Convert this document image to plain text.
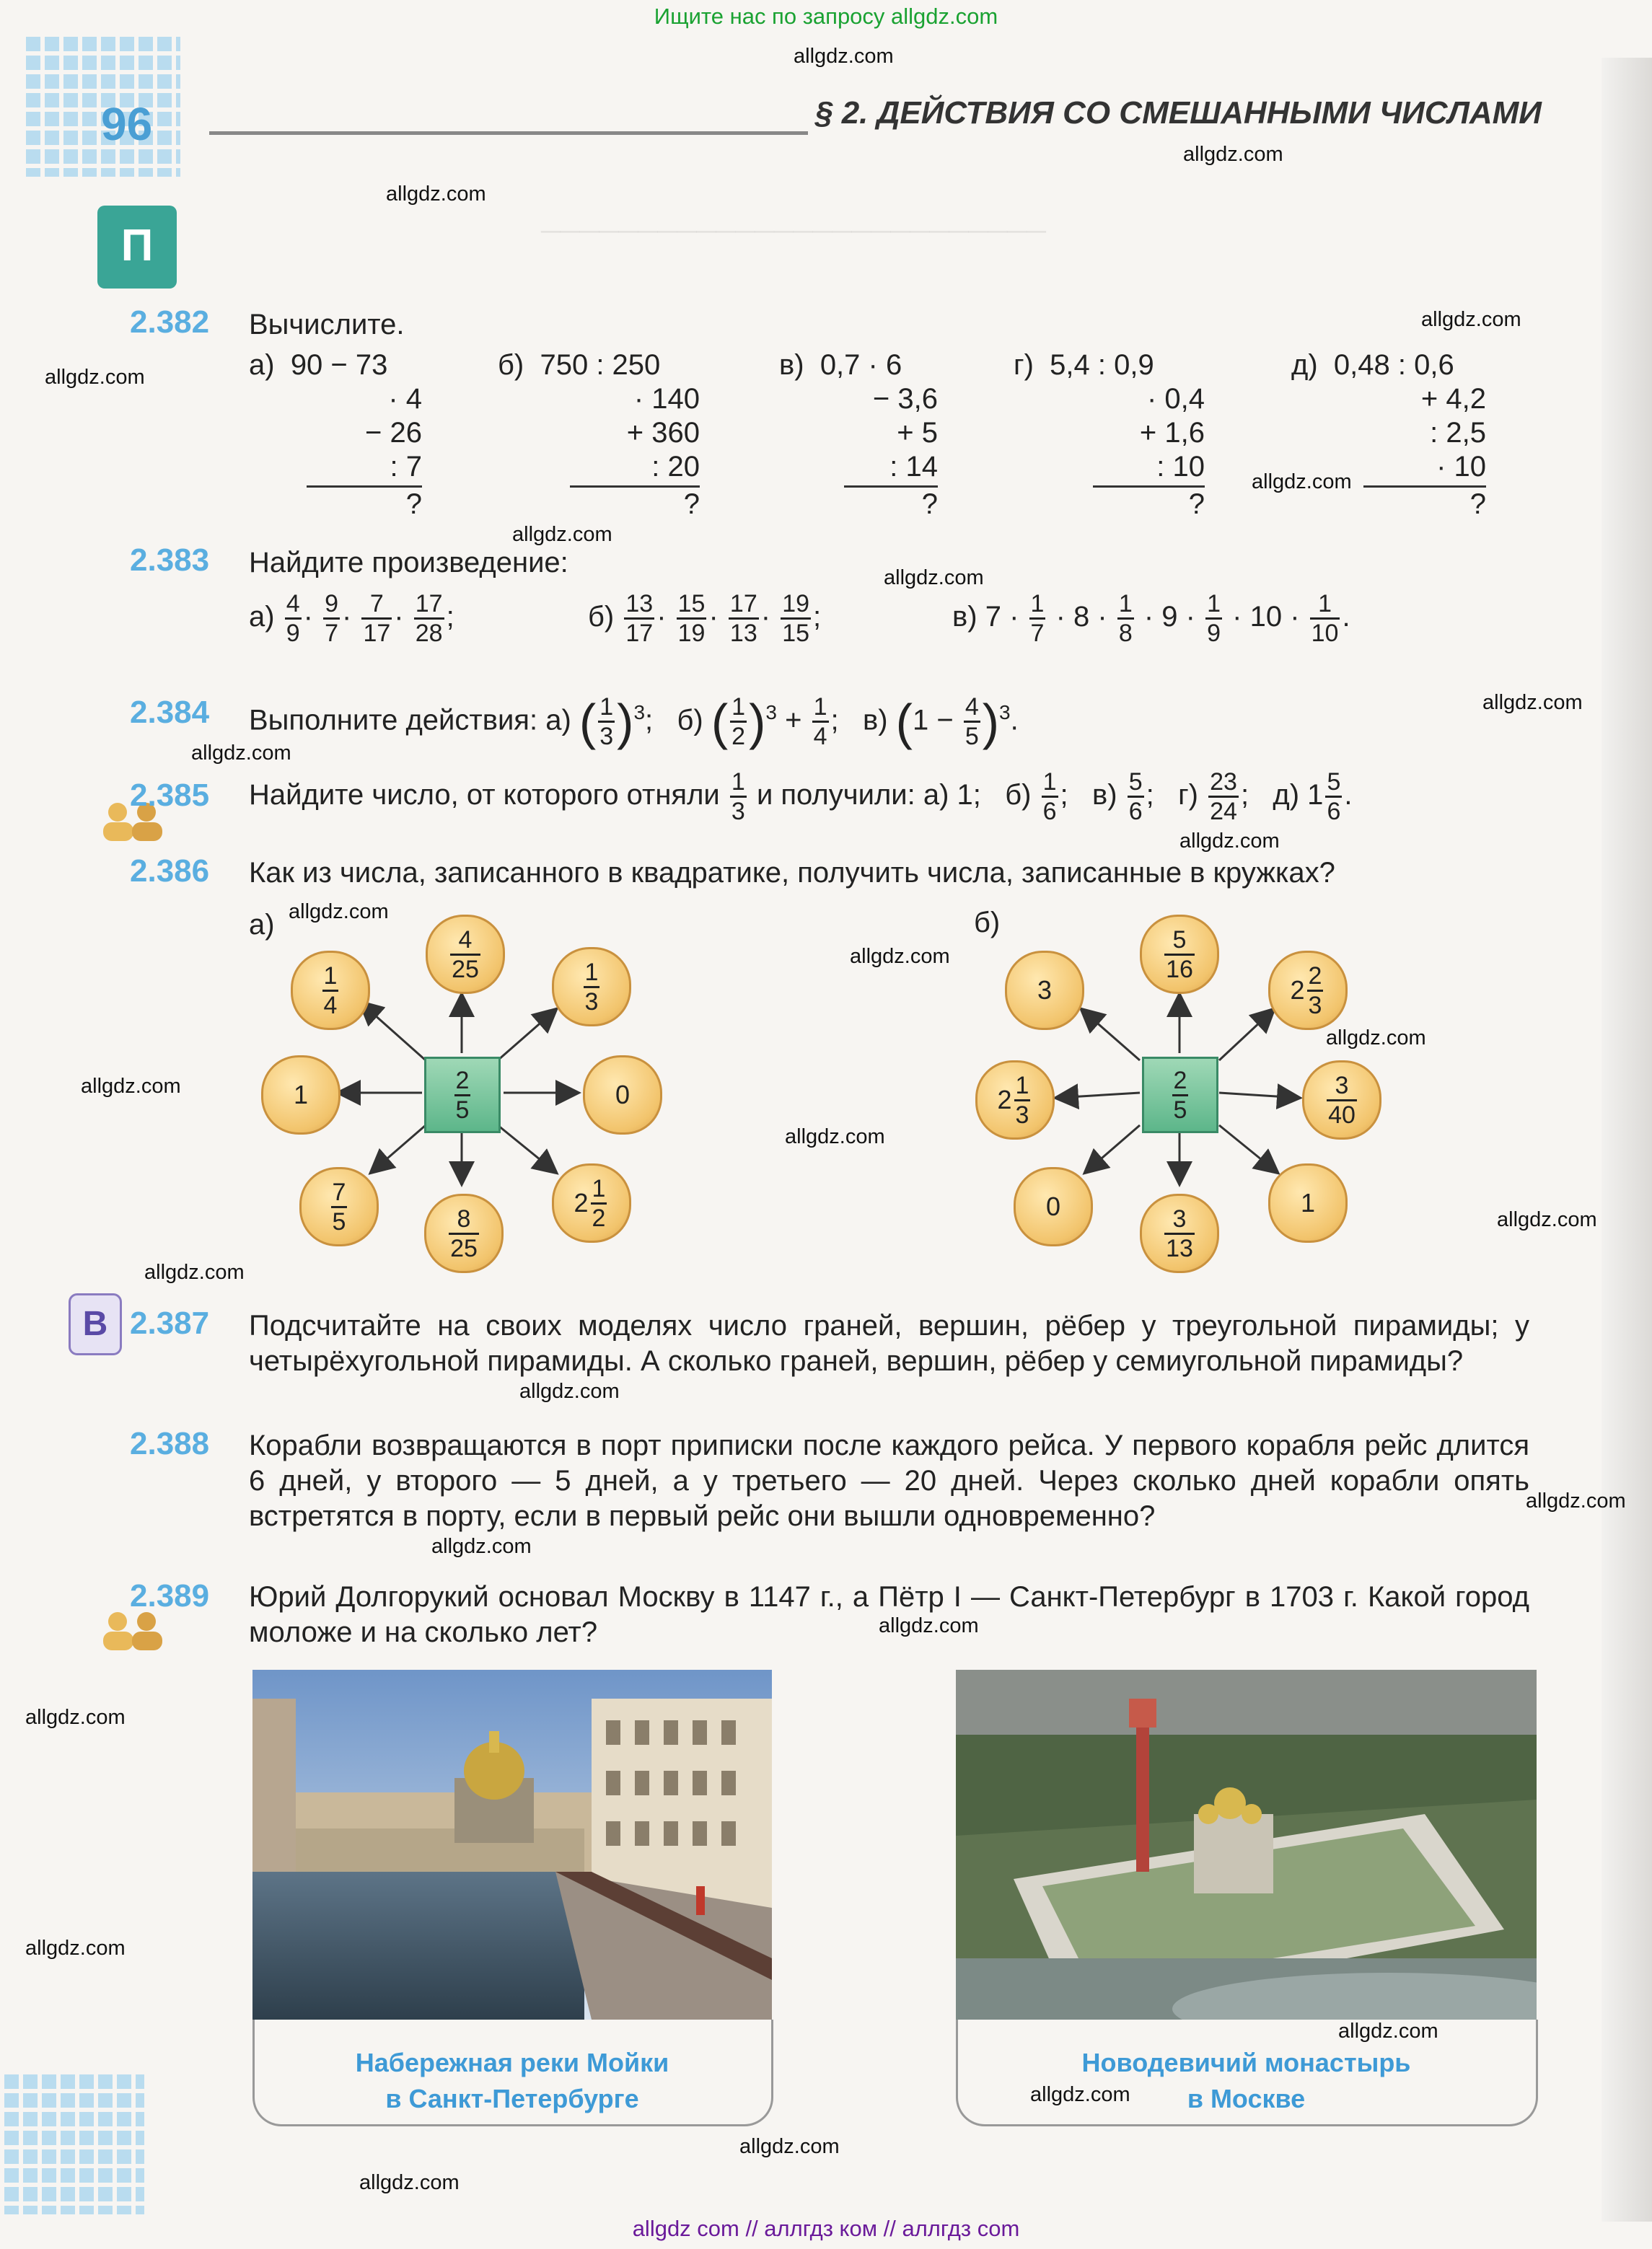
──────────────────────────
Ищите нас по запросу allgdz.com
allgdz com // аллгдз ком // аллгдз com
96	§ 2. ДЕЙСТВИЯ СО СМЕШАННЫМИ ЧИСЛАМИ
П
2.382 Вычислите.
а) 90 − 73
· 4
− 26
: 7
?
б) 750 : 250
· 140
+ 360
: 20
?
в) 0,7 · 6
− 3,6
+ 5
: 14
?
г) 5,4 : 0,9
· 0,4
+ 1,6
: 10
?
д) 0,48 : 0,6
+ 4,2
: 2,5
· 10
?
2.383 Найдите произведение:
$а) \frac{4}{9} \cdot \frac{9}{7} \cdot \frac{7}{17} \cdot \frac{17}{28}$ ;	$б) \frac{13}{17} \cdot \frac{15}{19} \cdot \frac{17}{13} \cdot \frac{19}{15}$ ;	в) $7 \cdot \frac{1}{7} \cdot 8 \cdot \frac{1}{8} \cdot 9 \cdot \frac{1}{9} \cdot 10 \cdot \frac{1}{10}$ .
2.384 Выполните действия: а) ( $\frac{1}{3} )^3$;   б) ( $\frac{1}{2} )^3 + \frac{1}{4}$ ;   в) $(1 - \frac{4}{5} )^3$.
2.385 Найдите число, от которого отняли $\frac{1}{3}$ и получили: а) 1; $б) \frac{1}{6}$ ;   $в) \frac{5}{6}$ ;   $г) \frac{23}{24}$ ;   д) $1 \frac{5}{6}$ .
2.386 Как из числа, записанного в квадратике, получить числа, записанные в кружках?
а)	б)
$\frac{2}{5}$
$\frac{1}{4}$
$\frac{4}{25}$
$\frac{1}{3}$
1	0
$\frac{7}{5}$	$\frac{8}{25}$
$2 \frac{1}{2}$
$\frac{2}{5}$
3
$\frac{5}{16}$
$2 \frac{2}{3}$
$2 \frac{1}{3}$	$\frac{3}{40}$
0	$\frac{3}{13}$
1
В 2.387 Подсчитайте на своих моделях число граней, вершин, рёбер у треугольной пирамиды; у четырёхугольной пирамиды. А сколько граней, вершин, рёбер у семиугольной пирамиды?
2.388 Корабли возвращаются в порт приписки после каждого рейса. У первого корабля рейс длится 6 дней, у второго — 5 дней, а у третьего — 20 дней. Через сколько дней корабли опять встретятся в порту, если в первый рейс они вышли одновременно?
2.389 Юрий Долгорукий основал Москву в 1147 г., а Пётр I — Санкт-Петербург в 1703 г. Какой город моложе и на сколько лет?
Набережная реки Мойки
в Санкт-Петербурге
Новодевичий монастырь
в Москве
allgdz.com
allgdz.com
allgdz.com
allgdz.com
allgdz.com
allgdz.com
allgdz.com
allgdz.com
allgdz.com
allgdz.com
allgdz.com
allgdz.com
allgdz.com
allgdz.com
allgdz.com
allgdz.com
allgdz.com
allgdz.com
allgdz.com
allgdz.com
allgdz.com
allgdz.com
allgdz.com
allgdz.com
allgdz.com
allgdz.com
allgdz.com
allgdz.com
